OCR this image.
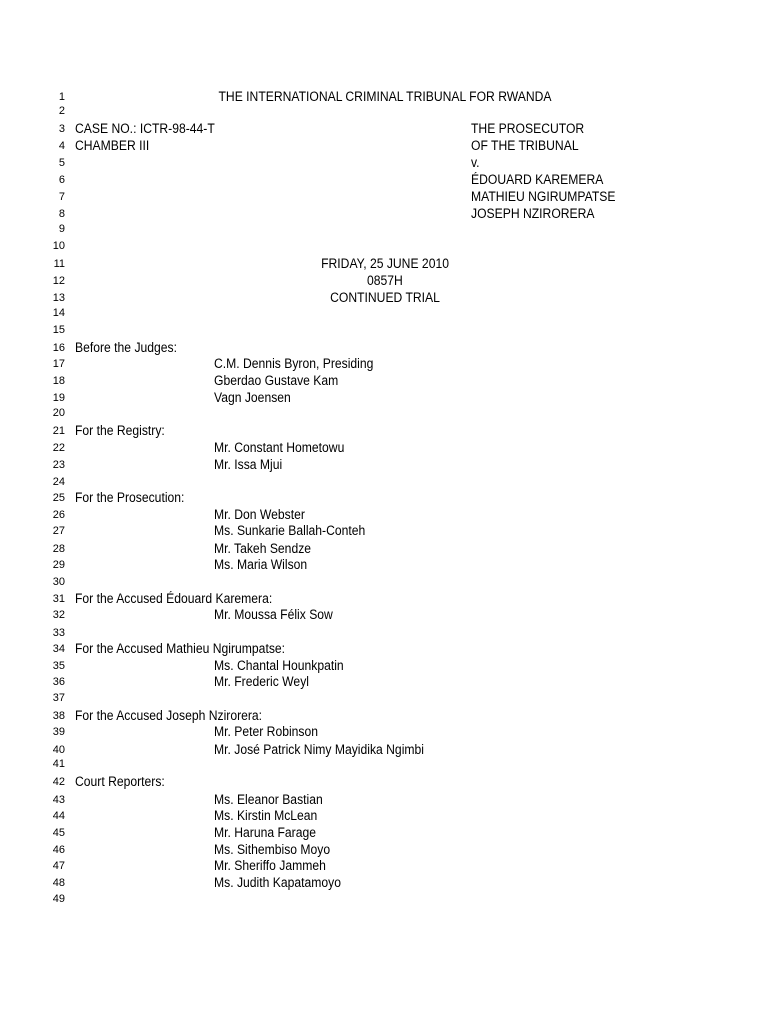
1	THE INTERNATIONAL CRIMINAL TRIBUNAL FOR RWANDA
2
3 CASE NO.: ICTR-98-44-T	THE PROSECUTOR
4 CHAMBER III	OF THE TRIBUNAL
5	v.
6	ÉDOUARD KAREMERA
7	MATHIEU NGIRUMPATSE
8	JOSEPH NZIRORERA
9
10
11	FRIDAY, 25 JUNE 2010
12	0857H
13	CONTINUED TRIAL
14
15
16 Before the Judges:
17	C.M. Dennis Byron, Presiding
18	Gberdao Gustave Kam
19	Vagn Joensen
20
21 For the Registry:
22	Mr. Constant Hometowu
23	Mr. Issa Mjui
24
25 For the Prosecution:
26	Mr. Don Webster
27	Ms. Sunkarie Ballah-Conteh
28	Mr. Takeh Sendze
29	Ms. Maria Wilson
30
31 For the Accused Édouard Karemera:
32	Mr. Moussa Félix Sow
33
34 For the Accused Mathieu Ngirumpatse:
35	Ms. Chantal Hounkpatin
36	Mr. Frederic Weyl
37
38 For the Accused Joseph Nzirorera:
39	Mr. Peter Robinson
40	Mr. José Patrick Nimy Mayidika Ngimbi
41
42 Court Reporters:
43	Ms. Eleanor Bastian
44	Ms. Kirstin McLean
45	Mr. Haruna Farage
46	Ms. Sithembiso Moyo
47	Mr. Sheriffo Jammeh
48	Ms. Judith Kapatamoyo
49
